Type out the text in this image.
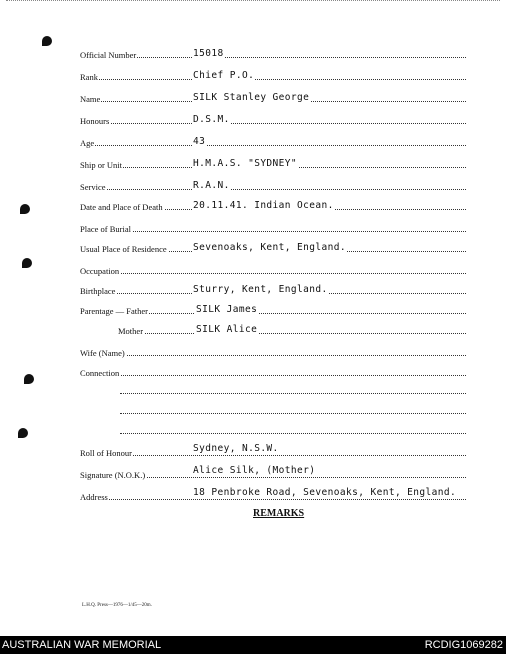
Official Number	15018
Rank	Chief P.O.
Name	SILK Stanley George
Honours	D.S.M.
Age	43
Ship or Unit	H.M.A.S. "SYDNEY"
Service	R.A.N.
Date and Place of Death	20.11.41. Indian Ocean.
Place of Burial
Usual Place of Residence	Sevenoaks, Kent, England.
Occupation
Birthplace	Sturry, Kent, England.
Parentage — Father	SILK James
Mother	SILK Alice
Wife (Name)
Connection
Roll of Honour	Sydney, N.S.W.
Signature (N.O.K.)	Alice Silk, (Mother)
Address	18 Penbroke Road, Sevenoaks, Kent, England.
REMARKS
L.H.Q. Press—1976—1/45—20m.
AUSTRALIAN WAR MEMORIAL	RCDIG1069282
